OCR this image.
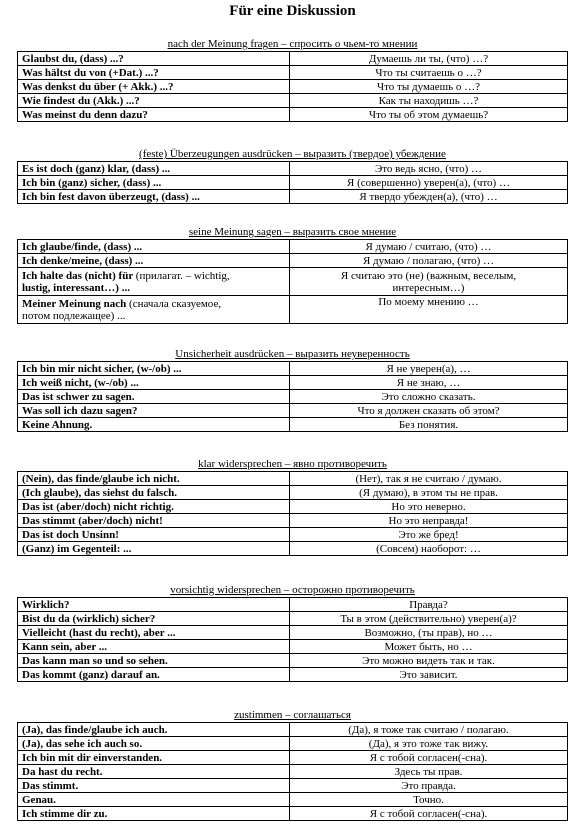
Für eine Diskussion
nach der Meinung fragen – спросить о чьем-то мнении
Glaubst du, (dass) ...?	Думаешь ли ты, (что) …?
Was hältst du von (+Dat.) ...?	Что ты считаешь о …?
Was denkst du über (+ Akk.) ...?	Что ты думаешь о …?
Wie findest du (Akk.) ...?	Как ты находишь …?
Was meinst du denn dazu?	Что ты об этом думаешь?
(feste) Überzeugungen ausdrücken – выразить (твердое) убеждение
Es ist doch (ganz) klar, (dass) ...	Это ведь ясно, (что) …
Ich bin (ganz) sicher, (dass) ...	Я (совершенно) уверен(а), (что) …
Ich bin fest davon überzeugt, (dass) ...	Я твердо убежден(а), (что) …
seine Meinung sagen – выразить свое мнение
Ich glaube/finde, (dass) ...	Я думаю / считаю, (что) …
Ich denke/meine, (dass) ...	Я думаю / полагаю, (что) …
Ich halte das (nicht) für (прилагат. – wichtig,
lustig, interessant…) ...	Я считаю это (не) (важным, веселым,
интересным…)
Meiner Meinung nach (сначала сказуемое,
потом подлежащее) ...	По моему мнению …
Unsicherheit ausdrücken – выразить неуверенность
Ich bin mir nicht sicher, (w-/ob) ...	Я не уверен(а), …
Ich weiß nicht, (w-/ob) ...	Я не знаю, …
Das ist schwer zu sagen.	Это сложно сказать.
Was soll ich dazu sagen?	Что я должен сказать об этом?
Keine Ahnung.	Без понятия.
klar widersprechen – явно противоречить
(Nein), das finde/glaube ich nicht.	(Нет), так я не считаю / думаю.
(Ich glaube), das siehst du falsch.	(Я думаю), в этом ты не прав.
Das ist (aber/doch) nicht richtig.	Но это неверно.
Das stimmt (aber/doch) nicht!	Но это неправда!
Das ist doch Unsinn!	Это же бред!
(Ganz) im Gegenteil: ...	(Совсем) наоборот: …
vorsichtig widersprechen – осторожно противоречить
Wirklich?	Правда?
Bist du da (wirklich) sicher?	Ты в этом (действительно) уверен(а)?
Vielleicht (hast du recht), aber ...	Возможно, (ты прав), но …
Kann sein, aber ...	Может быть, но …
Das kann man so und so sehen.	Это можно видеть так и так.
Das kommt (ganz) darauf an.	Это зависит.
zustimmen – соглашаться
(Ja), das finde/glaube ich auch.	(Да), я тоже так считаю / полагаю.
(Ja), das sehe ich auch so.	(Да), я это тоже так вижу.
Ich bin mit dir einverstanden.	Я с тобой согласен(-сна).
Da hast du recht.	Здесь ты прав.
Das stimmt.	Это правда.
Genau.	Точно.
Ich stimme dir zu.	Я с тобой согласен(-сна).
